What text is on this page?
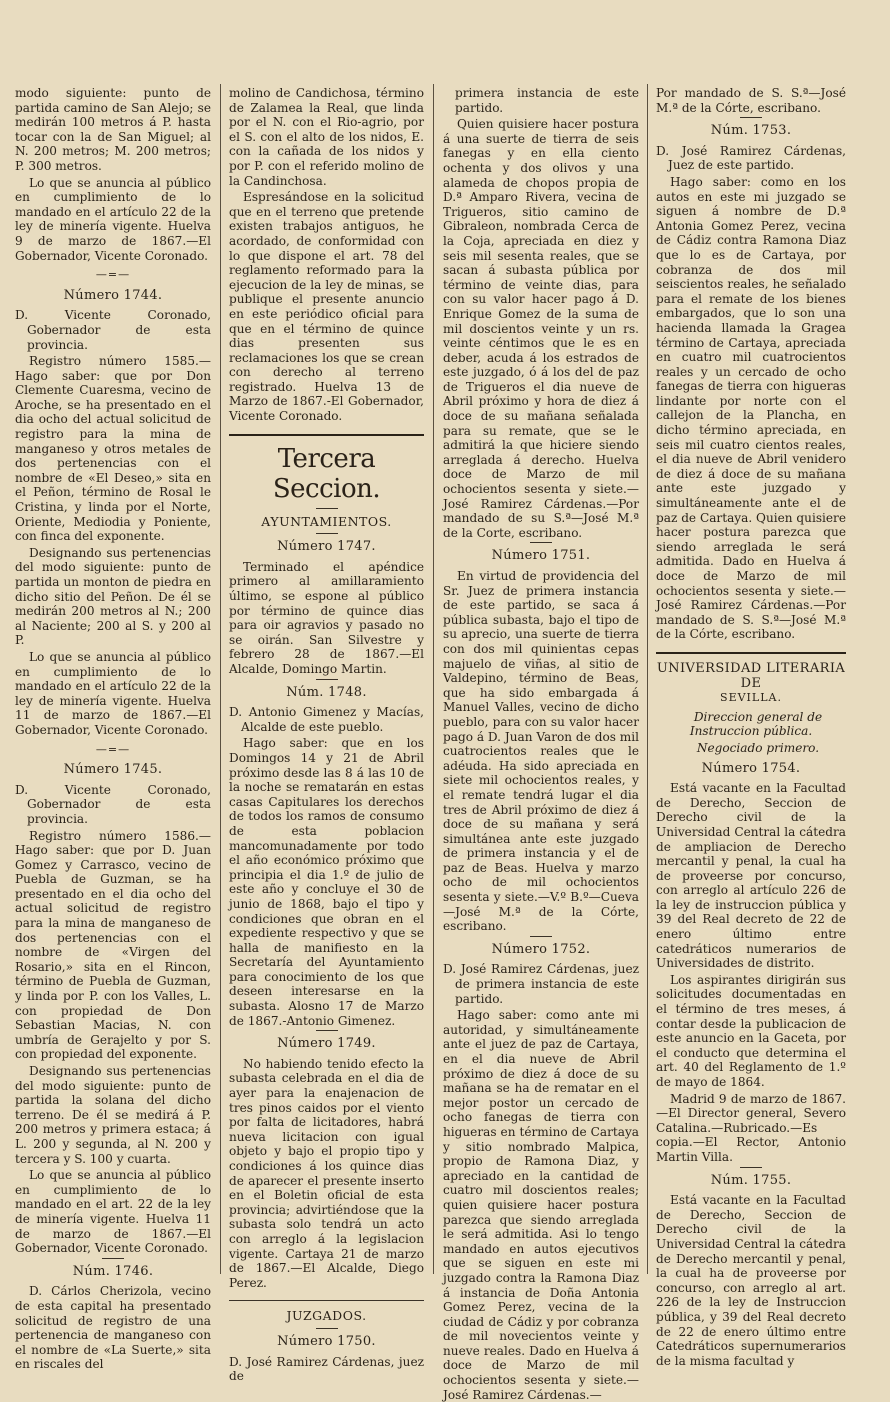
modo siguiente: punto de partida camino de San Alejo; se medirán 100 metros á P. hasta tocar con la de San Miguel; al N. 200 metros; M. 200 metros; P. 300 metros.

Lo que se anuncia al público en cumplimiento de lo mandado en el artículo 22 de la ley de minería vigente. Huelva 9 de marzo de 1867.—El Gobernador, Vicente Coronado.

—=—
Número 1744.

D. Vicente Coronado, Gobernador de esta provincia.

Registro número 1585.—Hago saber: que por Don Clemente Cuaresma, vecino de Aroche, se ha presentado en el dia ocho del actual solicitud de registro para la mina de manganeso y otros metales de dos pertenencias con el nombre de «El Deseo,» sita en el Peñon, término de Rosal le Cristina, y linda por el Norte, Oriente, Mediodia y Poniente, con finca del exponente.

Designando sus pertenencias del modo siguiente: punto de partida un monton de piedra en dicho sitio del Peñon. De él se medirán 200 metros al N.; 200 al Naciente; 200 al S. y 200 al P.

Lo que se anuncia al público en cumplimiento de lo mandado en el artículo 22 de la ley de minería vigente. Huelva 11 de marzo de 1867.—El Gobernador, Vicente Coronado.

—=—
Número 1745.

D. Vicente Coronado, Gobernador de esta provincia.

Registro número 1586.—Hago saber: que por D. Juan Gomez y Carrasco, vecino de Puebla de Guzman, se ha presentado en el dia ocho del actual solicitud de registro para la mina de manganeso de dos pertenencias con el nombre de «Virgen del Rosario,» sita en el Rincon, término de Puebla de Guzman, y linda por P. con los Valles, L. con propiedad de Don Sebastian Macias, N. con umbría de Gerajelto y por S. con propiedad del exponente.

Designando sus pertenencias del modo siguiente: punto de partida la solana del dicho terreno. De él se medirá á P. 200 metros y primera estaca; á L. 200 y segunda, al N. 200 y tercera y S. 100 y cuarta.

Lo que se anuncia al público en cumplimiento de lo mandado en el art. 22 de la ley de minería vigente. Huelva 11 de marzo de 1867.—El Gobernador, Vicente Coronado.

Núm. 1746.

D. Cárlos Cherizola, vecino de esta capital ha presentado solicitud de registro de una pertenencia de manganeso con el nombre de «La Suerte,» sita en riscales del

molino de Candichosa, término de Zalamea la Real, que linda por el N. con el Rio-agrio, por el S. con el alto de los nidos, E. con la cañada de los nidos y por P. con el referido molino de la Candinchosa.

Espresándose en la solicitud que en el terreno que pretende existen trabajos antiguos, he acordado, de conformidad con lo que dispone el art. 78 del reglamento reformado para la ejecucion de la ley de minas, se publique el presente anuncio en este periódico oficial para que en el término de quince dias presenten sus reclamaciones los que se crean con derecho al terreno registrado. Huelva 13 de Marzo de 1867.-El Gobernador, Vicente Coronado.

Tercera Seccion.
AYUNTAMIENTOS.
Número 1747.

Terminado el apéndice primero al amillaramiento último, se espone al público por término de quince dias para oir agravios y pasado no se oirán. San Silvestre y febrero 28 de 1867.—El Alcalde, Domingo Martin.

Núm. 1748.

D. Antonio Gimenez y Macías, Alcalde de este pueblo.

Hago saber: que en los Domingos 14 y 21 de Abril próximo desde las 8 á las 10 de la noche se rematarán en estas casas Capitulares los derechos de todos los ramos de consumo de esta poblacion mancomunadamente por todo el año económico próximo que principia el dia 1.º de julio de este año y concluye el 30 de junio de 1868, bajo el tipo y condiciones que obran en el expediente respectivo y que se halla de manifiesto en la Secretaría del Ayuntamiento para conocimiento de los que deseen interesarse en la subasta. Alosno 17 de Marzo de 1867.-Antonio Gimenez.

Número 1749.

No habiendo tenido efecto la subasta celebrada en el dia de ayer para la enajenacion de tres pinos caidos por el viento por falta de licitadores, habrá nueva licitacion con igual objeto y bajo el propio tipo y condiciones á los quince dias de aparecer el presente inserto en el Boletin oficial de esta provincia; advirtiéndose que la subasta solo tendrá un acto con arreglo á la legislacion vigente. Cartaya 21 de marzo de 1867.—El Alcalde, Diego Perez.

JUZGADOS.
Número 1750.

D. José Ramirez Cárdenas, juez de

primera instancia de este partido.

Quien quisiere hacer postura á una suerte de tierra de seis fanegas y en ella ciento ochenta y dos olivos y una alameda de chopos propia de D.ª Amparo Rivera, vecina de Trigueros, sitio camino de Gibraleon, nombrada Cerca de la Coja, apreciada en diez y seis mil sesenta reales, que se sacan á subasta pública por término de veinte dias, para con su valor hacer pago á D. Enrique Gomez de la suma de mil doscientos veinte y un rs. veinte céntimos que le es en deber, acuda á los estrados de este juzgado, ó á los del de paz de Trigueros el dia nueve de Abril próximo y hora de diez á doce de su mañana señalada para su remate, que se le admitirá la que hiciere siendo arreglada á derecho. Huelva doce de Marzo de mil ochocientos sesenta y siete.—José Ramirez Cárdenas.—Por mandado de su S.ª—José M.ª de la Corte, escribano.

Número 1751.

En virtud de providencia del Sr. Juez de primera instancia de este partido, se saca á pública subasta, bajo el tipo de su aprecio, una suerte de tierra con dos mil quinientas cepas majuelo de viñas, al sitio de Valdepino, término de Beas, que ha sido embargada á Manuel Valles, vecino de dicho pueblo, para con su valor hacer pago á D. Juan Varon de dos mil cuatrocientos reales que le adéuda. Ha sido apreciada en siete mil ochocientos reales, y el remate tendrá lugar el dia tres de Abril próximo de diez á doce de su mañana y será simultánea ante este juzgado de primera instancia y el de paz de Beas. Huelva y marzo ocho de mil ochocientos sesenta y siete.—V.º B.º—Cueva—José M.ª de la Córte, escribano.

Número 1752.

D. José Ramirez Cárdenas, juez de primera instancia de este partido.

Hago saber: como ante mi autoridad, y simultáneamente ante el juez de paz de Cartaya, en el dia nueve de Abril próximo de diez á doce de su mañana se ha de rematar en el mejor postor un cercado de ocho fanegas de tierra con higueras en término de Cartaya y sitio nombrado Malpica, propio de Ramona Diaz, y apreciado en la cantidad de cuatro mil doscientos reales; quien quisiere hacer postura parezca que siendo arreglada le será admitida. Asi lo tengo mandado en autos ejecutivos que se siguen en este mi juzgado contra la Ramona Diaz á instancia de Doña Antonia Gomez Perez, vecina de la ciudad de Cádiz y por cobranza de mil novecientos veinte y nueve reales. Dado en Huelva á doce de Marzo de mil ochocientos sesenta y siete.—José Ramirez Cárdenas.—

Por mandado de S. S.ª—José M.ª de la Córte, escribano.

Núm. 1753.

D. José Ramirez Cárdenas, Juez de este partido.

Hago saber: como en los autos en este mi juzgado se siguen á nombre de D.ª Antonia Gomez Perez, vecina de Cádiz contra Ramona Diaz que lo es de Cartaya, por cobranza de dos mil seiscientos reales, he señalado para el remate de los bienes embargados, que lo son una hacienda llamada la Gragea término de Cartaya, apreciada en cuatro mil cuatrocientos reales y un cercado de ocho fanegas de tierra con higueras lindante por norte con el callejon de la Plancha, en dicho término apreciada, en seis mil cuatro cientos reales, el dia nueve de Abril venidero de diez á doce de su mañana ante este juzgado y simultáneamente ante el de paz de Cartaya. Quien quisiere hacer postura parezca que siendo arreglada le será admitida. Dado en Huelva á doce de Marzo de mil ochocientos sesenta y siete.—José Ramirez Cárdenas.—Por mandado de S. S.ª—José M.ª de la Córte, escribano.

UNIVERSIDAD LITERARIA DE
SEVILLA.

Direccion general de Instruccion pública.

Negociado primero.

Número 1754.

Está vacante en la Facultad de Derecho, Seccion de Derecho civil de la Universidad Central la cátedra de ampliacion de Derecho mercantil y penal, la cual ha de proveerse por concurso, con arreglo al artículo 226 de la ley de instruccion pública y 39 del Real decreto de 22 de enero último entre catedráticos numerarios de Universidades de distrito.

Los aspirantes dirigirán sus solicitudes documentadas en el término de tres meses, á contar desde la publicacion de este anuncio en la Gaceta, por el conducto que determina el art. 40 del Reglamento de 1.º de mayo de 1864.

Madrid 9 de marzo de 1867.—El Director general, Severo Catalina.—Rubricado.—Es copia.—El Rector, Antonio Martin Villa.

Núm. 1755.

Está vacante en la Facultad de Derecho, Seccion de Derecho civil de la Universidad Central la cátedra de Derecho mercantil y penal, la cual ha de proveerse por concurso, con arreglo al art. 226 de la ley de Instruccion pública, y 39 del Real decreto de 22 de enero último entre Catedráticos supernumerarios de la misma facultad y
